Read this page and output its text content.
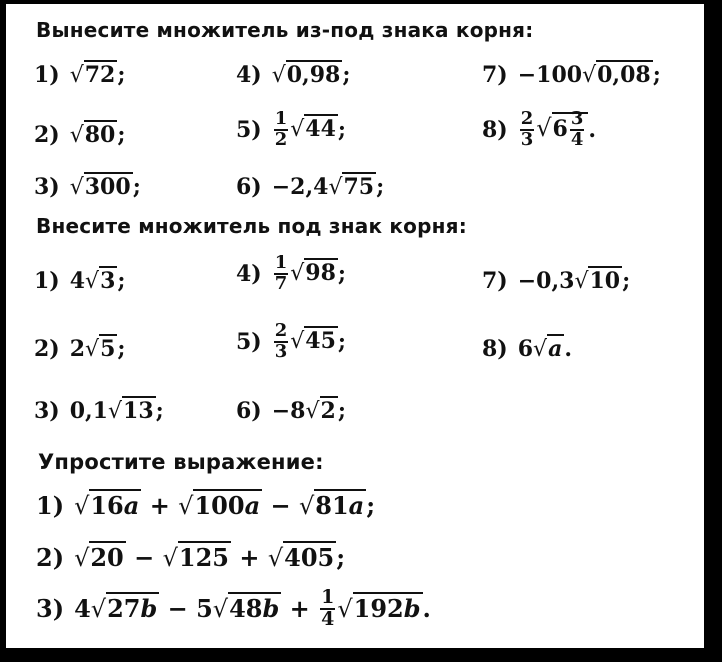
Вынесите множитель из-под знака корня:
1) √72;	4) √0,98;	7) −100√0,08;
2) √80;	$5) \frac{1}{2} √44$;	$8) \frac{2}{3} √6 \frac{3}{4}$ .
3) √300;	6) −2,4√75;
Внесите множитель под знак корня:
1) 4√3;	$4) \frac{1}{7} √98$;	7) −0,3√10;
2) 2√5;	$5) \frac{2}{3} √45$;	8) 6√a.
3) 0,1√13;	6) −8√2;
Упростите выражение:
1) √16a + √100a − √81a;
2) √20 − √125 + √405;
3) $4√27b - 5√48b + \frac{1}{4} √192b$.
